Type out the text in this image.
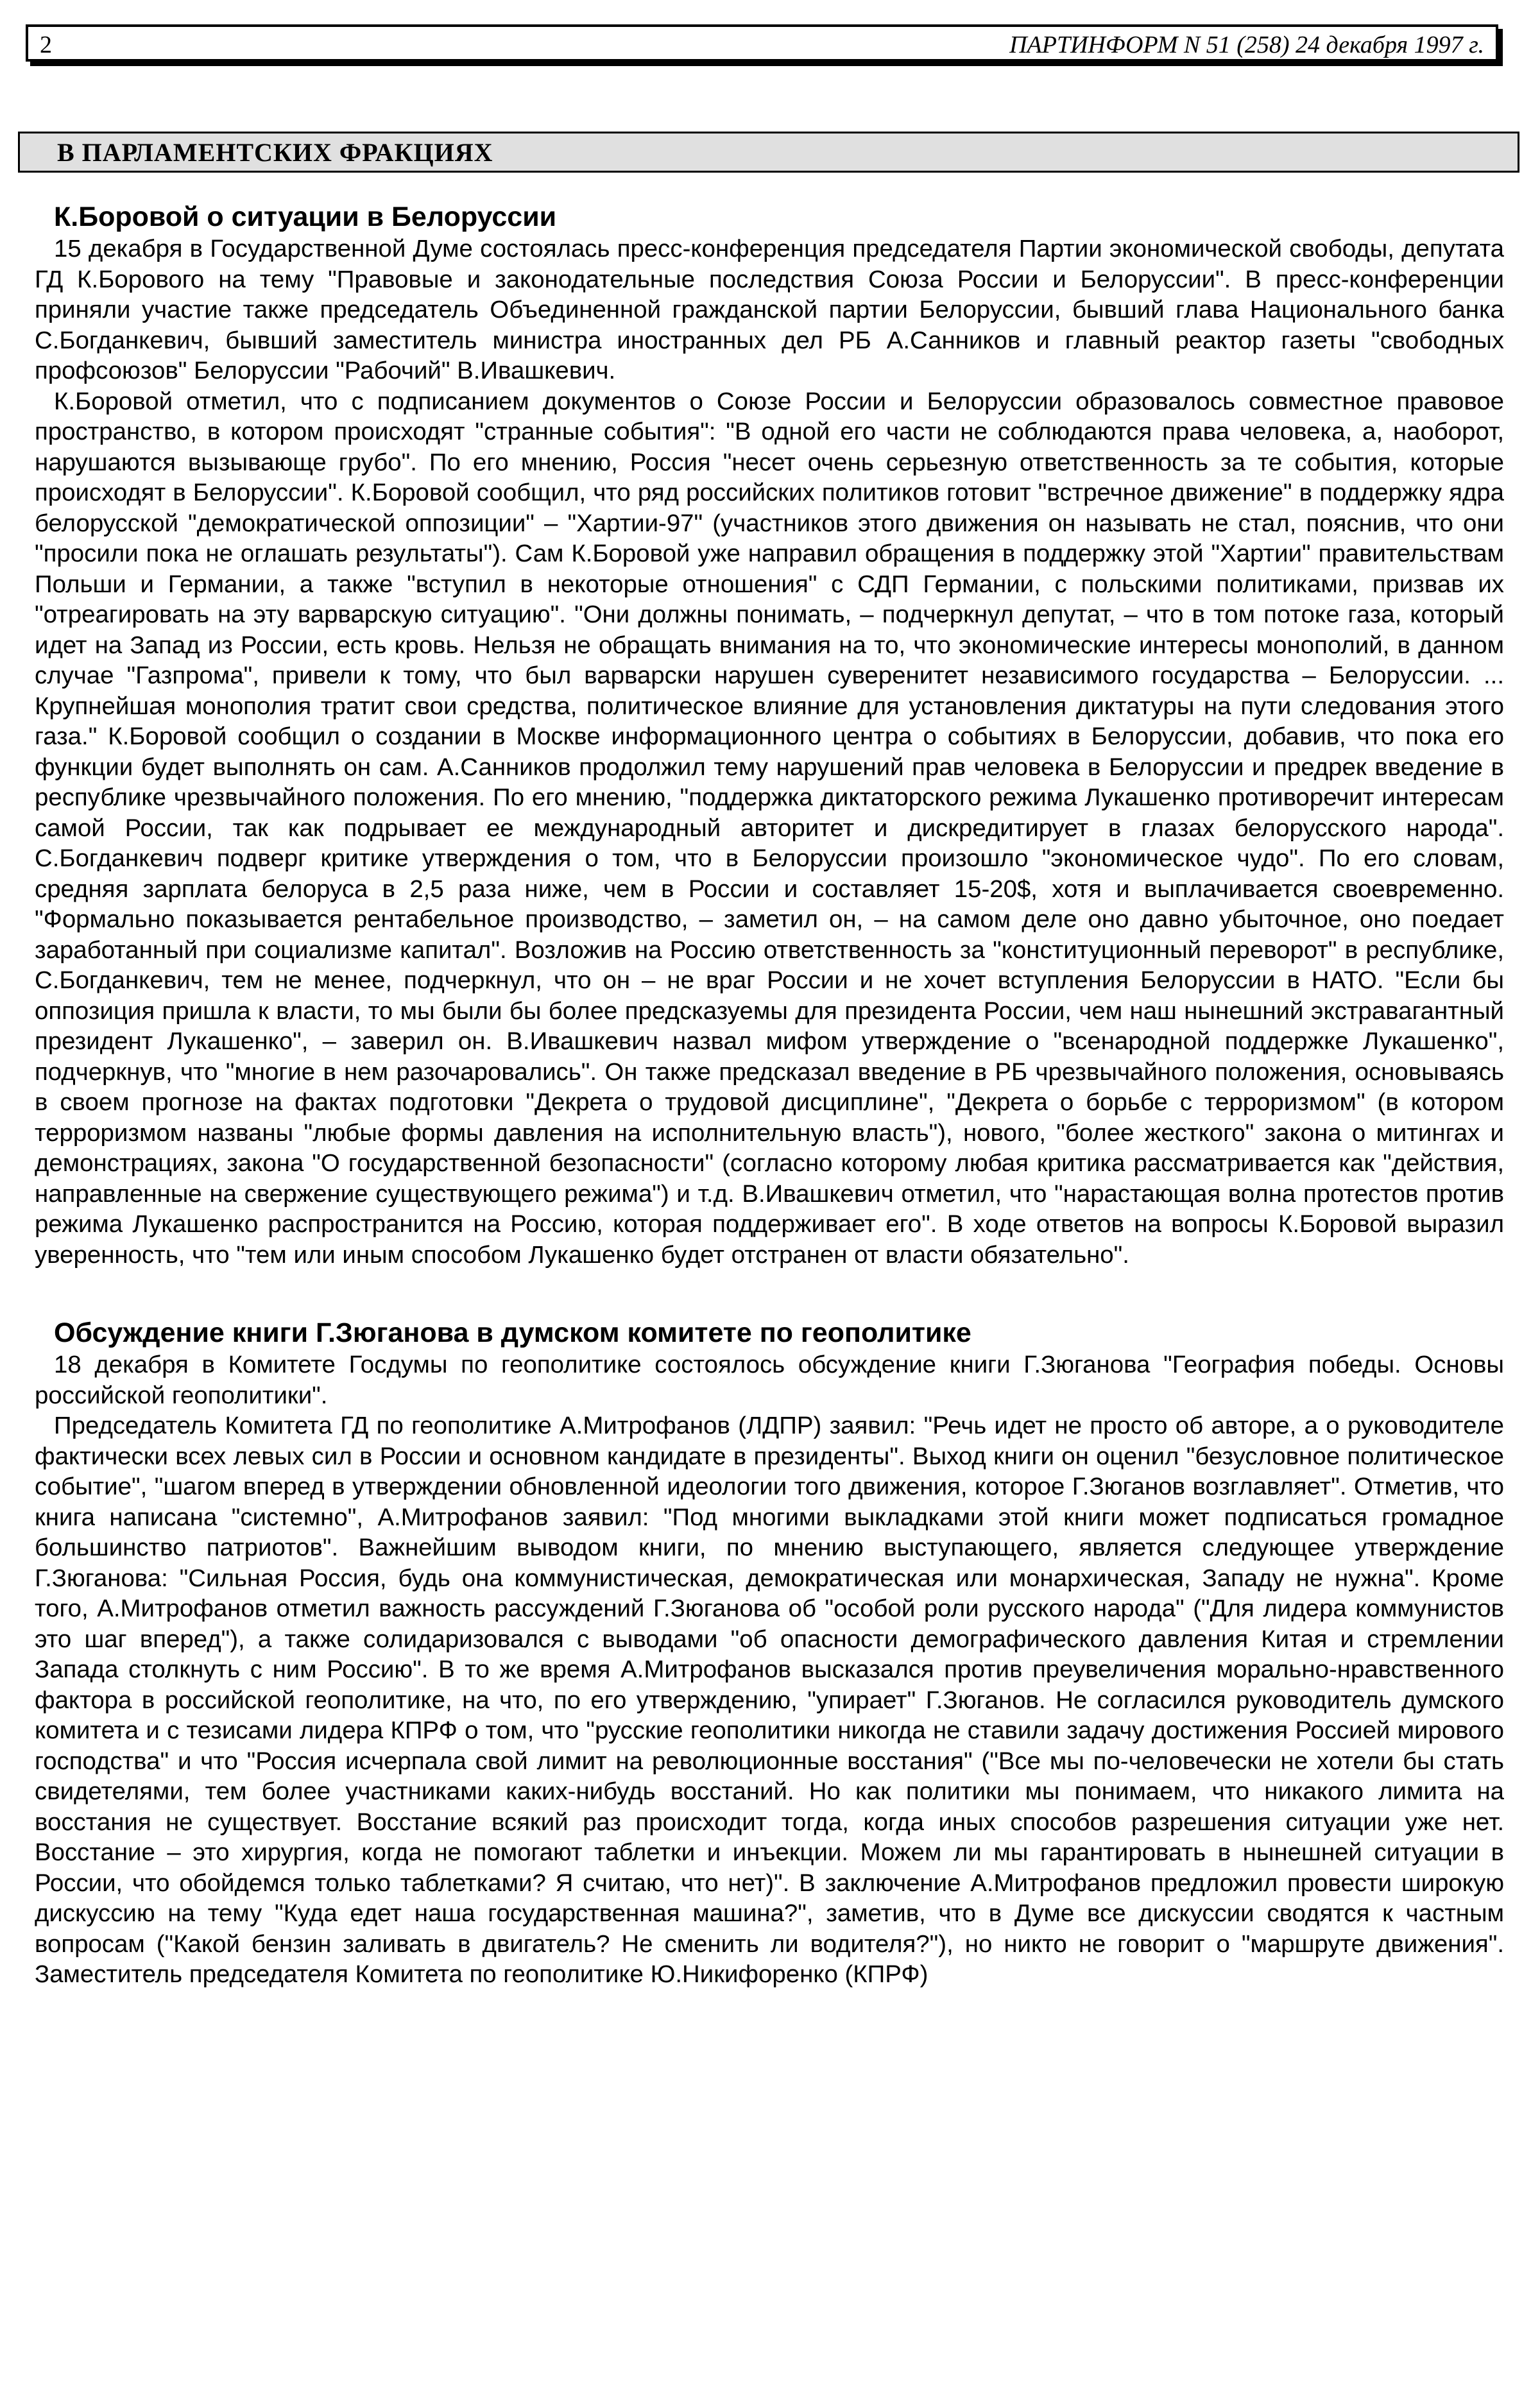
2	ПАРТИНФОРМ N 51 (258) 24 декабря 1997 г.
В ПАРЛАМЕНТСКИХ ФРАКЦИЯХ
К.Боровой о ситуации в Белоруссии

15 декабря в Государственной Думе состоялась пресс-конференция председателя Партии экономической свободы, депутата ГД К.Борового на тему "Правовые и законодательные последствия Союза России и Белоруссии". В пресс-конференции приняли участие также председатель Объединенной гражданской партии Белоруссии, бывший глава Национального банка С.Богданкевич, бывший заместитель министра иностранных дел РБ А.Санников и главный реактор газеты "свободных профсоюзов" Белоруссии "Рабочий" В.Ивашкевич.

К.Боровой отметил, что с подписанием документов о Союзе России и Белоруссии образовалось совместное правовое пространство, в котором происходят "странные события": "В одной его части не соблюдаются права человека, а, наоборот, нарушаются вызывающе грубо". По его мнению, Россия "несет очень серьезную ответственность за те события, которые происходят в Белоруссии". К.Боровой сообщил, что ряд российских политиков готовит "встречное движение" в поддержку ядра белорусской "демократической оппозиции" – "Хартии-97" (участников этого движения он называть не стал, пояснив, что они "просили пока не оглашать результаты"). Сам К.Боровой уже направил обращения в поддержку этой "Хартии" правительствам Польши и Германии, а также "вступил в некоторые отношения" с СДП Германии, с польскими политиками, призвав их "отреагировать на эту варварскую ситуацию". "Они должны понимать, – подчеркнул депутат, – что в том потоке газа, который идет на Запад из России, есть кровь. Нельзя не обращать внимания на то, что экономические интересы монополий, в данном случае "Газпрома", привели к тому, что был варварски нарушен суверенитет независимого государства – Белоруссии. ... Крупнейшая монополия тратит свои средства, политическое влияние для установления диктатуры на пути следования этого газа." К.Боровой сообщил о создании в Москве информационного центра о событиях в Белоруссии, добавив, что пока его функции будет выполнять он сам. А.Санников продолжил тему нарушений прав человека в Белоруссии и предрек введение в республике чрезвычайного положения. По его мнению, "поддержка диктаторского режима Лукашенко противоречит интересам самой России, так как подрывает ее международный авторитет и дискредитирует в глазах белорусского народа". С.Богданкевич подверг критике утверждения о том, что в Белоруссии произошло "экономическое чудо". По его словам, средняя зарплата белоруса в 2,5 раза ниже, чем в России и составляет 15-20$, хотя и выплачивается своевременно. "Формально показывается рентабельное производство, – заметил он, – на самом деле оно давно убыточное, оно поедает заработанный при социализме капитал". Возложив на Россию ответственность за "конституционный переворот" в республике, С.Богданкевич, тем не менее, подчеркнул, что он – не враг России и не хочет вступления Белоруссии в НАТО. "Если бы оппозиция пришла к власти, то мы были бы более предсказуемы для президента России, чем наш нынешний экстравагантный президент Лукашенко", – заверил он. В.Ивашкевич назвал мифом утверждение о "всенародной поддержке Лукашенко", подчеркнув, что "многие в нем разочаровались". Он также предсказал введение в РБ чрезвычайного положения, основываясь в своем прогнозе на фактах подготовки "Декрета о трудовой дисциплине", "Декрета о борьбе с терроризмом" (в котором терроризмом названы "любые формы давления на исполнительную власть"), нового, "более жесткого" закона о митингах и демонстрациях, закона "О государственной безопасности" (согласно которому любая критика рассматривается как "действия, направленные на свержение существующего режима") и т.д. В.Ивашкевич отметил, что "нарастающая волна протестов против режима Лукашенко распространится на Россию, которая поддерживает его". В ходе ответов на вопросы К.Боровой выразил уверенность, что "тем или иным способом Лукашенко будет отстранен от власти обязательно".

Обсуждение книги Г.Зюганова в думском комитете по геополитике

18 декабря в Комитете Госдумы по геополитике состоялось обсуждение книги Г.Зюганова "География победы. Основы российской геополитики".

Председатель Комитета ГД по геополитике А.Митрофанов (ЛДПР) заявил: "Речь идет не просто об авторе, а о руководителе фактически всех левых сил в России и основном кандидате в президенты". Выход книги он оценил "безусловное политическое событие", "шагом вперед в утверждении обновленной идеологии того движения, которое Г.Зюганов возглавляет". Отметив, что книга написана "системно", А.Митрофанов заявил: "Под многими выкладками этой книги может подписаться громадное большинство патриотов". Важнейшим выводом книги, по мнению выступающего, является следующее утверждение Г.Зюганова: "Сильная Россия, будь она коммунистическая, демократическая или монархическая, Западу не нужна". Кроме того, А.Митрофанов отметил важность рассуждений Г.Зюганова об "особой роли русского народа" ("Для лидера коммунистов это шаг вперед"), а также солидаризовался с выводами "об опасности демографического давления Китая и стремлении Запада столкнуть с ним Россию". В то же время А.Митрофанов высказался против преувеличения морально-нравственного фактора в российской геополитике, на что, по его утверждению, "упирает" Г.Зюганов. Не согласился руководитель думского комитета и с тезисами лидера КПРФ о том, что "русские геополитики никогда не ставили задачу достижения Россией мирового господства" и что "Россия исчерпала свой лимит на революционные восстания" ("Все мы по-человечески не хотели бы стать свидетелями, тем более участниками каких-нибудь восстаний. Но как политики мы понимаем, что никакого лимита на восстания не существует. Восстание всякий раз происходит тогда, когда иных способов разрешения ситуации уже нет. Восстание – это хирургия, когда не помогают таблетки и инъекции. Можем ли мы гарантировать в нынешней ситуации в России, что обойдемся только таблетками? Я считаю, что нет)". В заключение А.Митрофанов предложил провести широкую дискуссию на тему "Куда едет наша государственная машина?", заметив, что в Думе все дискуссии сводятся к частным вопросам ("Какой бензин заливать в двигатель? Не сменить ли водителя?"), но никто не говорит о "маршруте движения". Заместитель председателя Комитета по геополитике Ю.Никифоренко (КПРФ)
